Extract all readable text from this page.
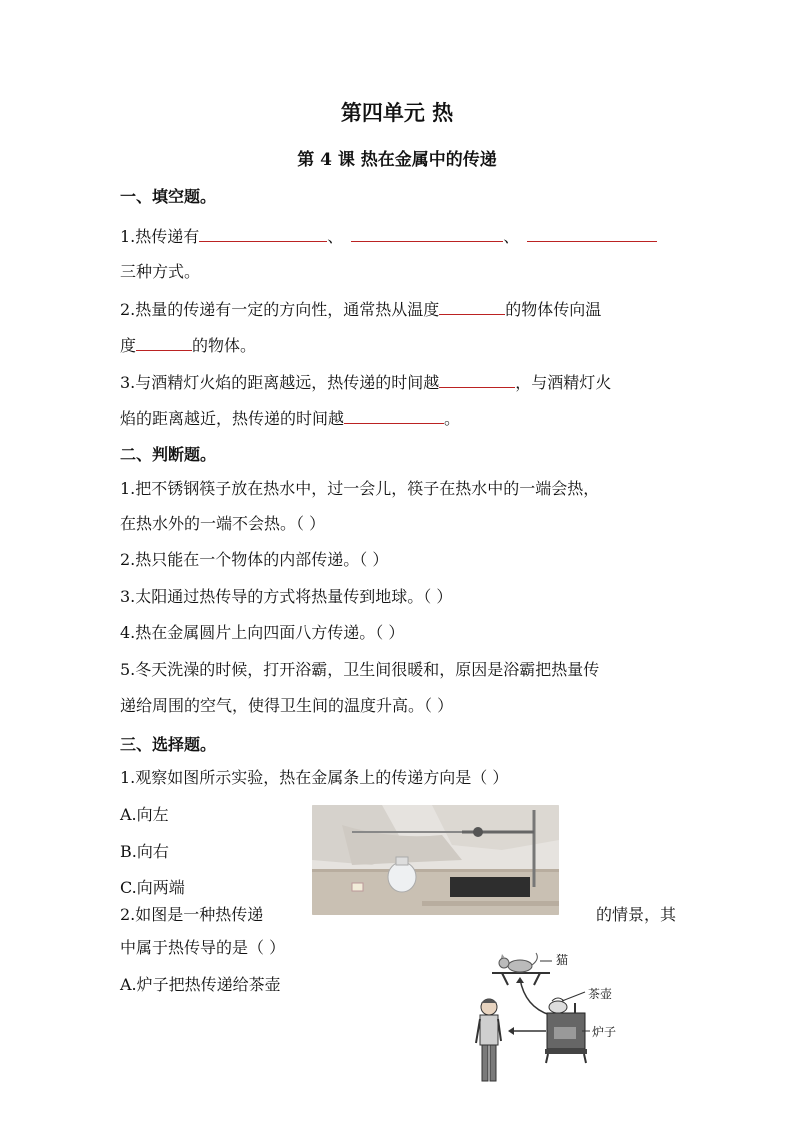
第四单元 热
第 4 课 热在金属中的传递
一、填空题。
1.热传递有	、	、
三种方式。
2.热量的传递有一定的方向性，通常热从温度	的物体传向温
度	的物体。
3.与酒精灯火焰的距离越远，热传递的时间越	，与酒精灯火
焰的距离越近，热传递的时间越	。
二、判断题。
1.把不锈钢筷子放在热水中，过一会儿，筷子在热水中的一端会热，
在热水外的一端不会热。（ ）
2.热只能在一个物体的内部传递。（ ）
3.太阳通过热传导的方式将热量传到地球。（ ）
4.热在金属圆片上向四面八方传递。（ ）
5.冬天洗澡的时候，打开浴霸，卫生间很暖和，原因是浴霸把热量传
递给周围的空气，使得卫生间的温度升高。（ ）
三、选择题。
1.观察如图所示实验，热在金属条上的传递方向是（ ）
A.向左
B.向右
C.向两端
2.如图是一种热传递	的情景，其
中属于热传导的是（ ）
A.炉子把热传递给茶壶
猫
茶壶
炉子
